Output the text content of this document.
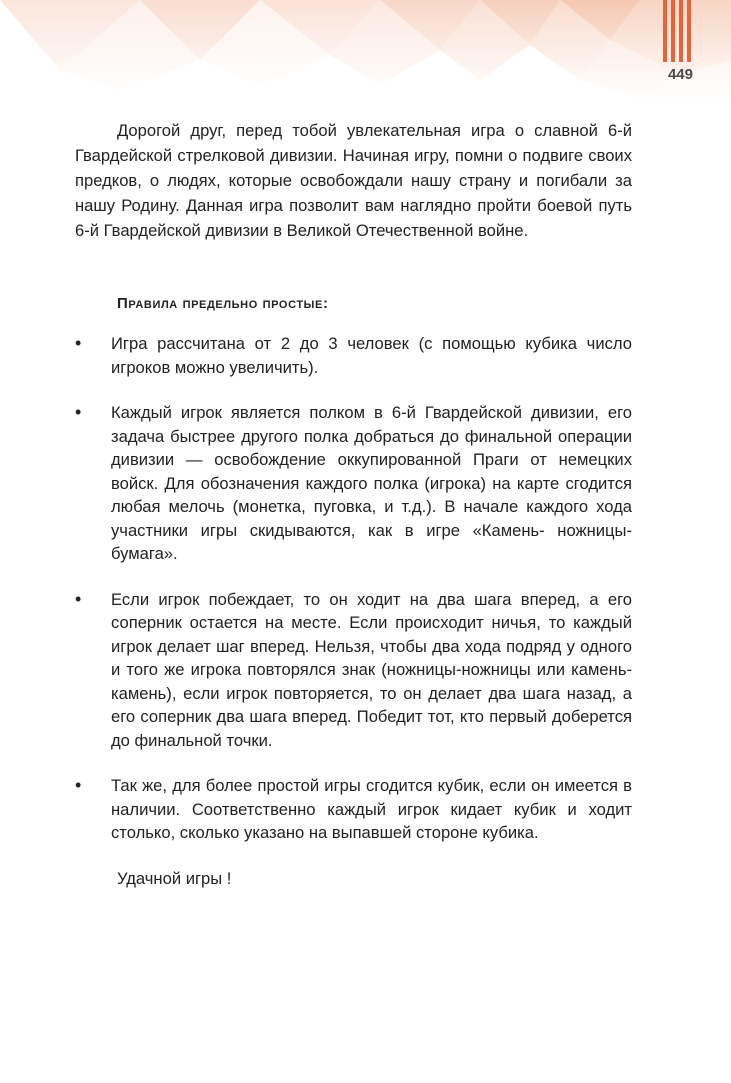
449

Дорогой друг, перед тобой увлекательная игра о славной 6-й Гвардейской стрелковой дивизии. Начиная игру, помни о подвиге своих предков, о людях, которые освобождали нашу страну и погибали за нашу Родину. Данная игра позволит вам наглядно пройти боевой путь 6-й Гвардейской дивизии в Великой Отечественной войне.

Правила предельно простые:
• Игра рассчитана от 2 до 3 человек (с помощью кубика число игроков можно увеличить).
• Каждый игрок является полком в 6-й Гвардейской дивизии, его задача быстрее другого полка добраться до финальной операции дивизии — освобождение оккупированной Праги от немецких войск. Для обозначения каждого полка (игрока) на карте сгодится любая мелочь (монетка, пуговка, и т.д.). В начале каждого хода участники игры скидываются, как в игре «Камень- ножницы- бумага».
• Если игрок побеждает, то он ходит на два шага вперед, а его соперник остается на месте. Если происходит ничья, то каждый игрок делает шаг вперед. Нельзя, чтобы два хода подряд у одного и того же игрока повторялся знак (ножницы-ножницы или камень-камень), если игрок повторяется, то он делает два шага назад, а его соперник два шага вперед. Победит тот, кто первый доберется до финальной точки.
• Так же, для более простой игры сгодится кубик, если он имеется в наличии. Соответственно каждый игрок кидает кубик и ходит столько, сколько указано на выпавшей стороне кубика.
Удачной игры !
